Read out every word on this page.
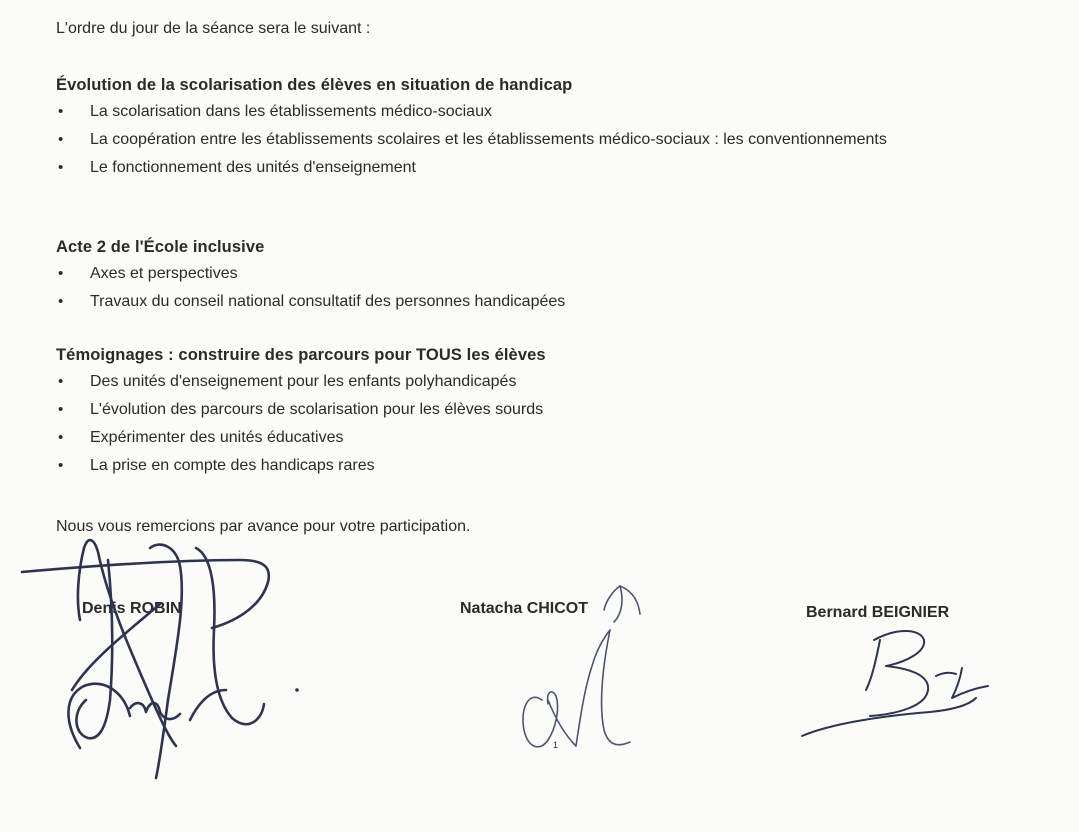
L'ordre du jour de la séance sera le suivant :
Évolution de la scolarisation des élèves en situation de handicap
• La scolarisation dans les établissements médico-sociaux
• La coopération entre les établissements scolaires et les établissements médico-sociaux : les conventionnements
• Le fonctionnement des unités d'enseignement
Acte 2 de l'École inclusive
• Axes et perspectives
• Travaux du conseil national consultatif des personnes handicapées
Témoignages : construire des parcours pour TOUS les élèves
• Des unités d'enseignement pour les enfants polyhandicapés
• L'évolution des parcours de scolarisation pour les élèves sourds
• Expérimenter des unités éducatives
• La prise en compte des handicaps rares
Nous vous remercions par avance pour votre participation.
Denis ROBIN	Natacha CHICOT	Bernard BEIGNIER
1
